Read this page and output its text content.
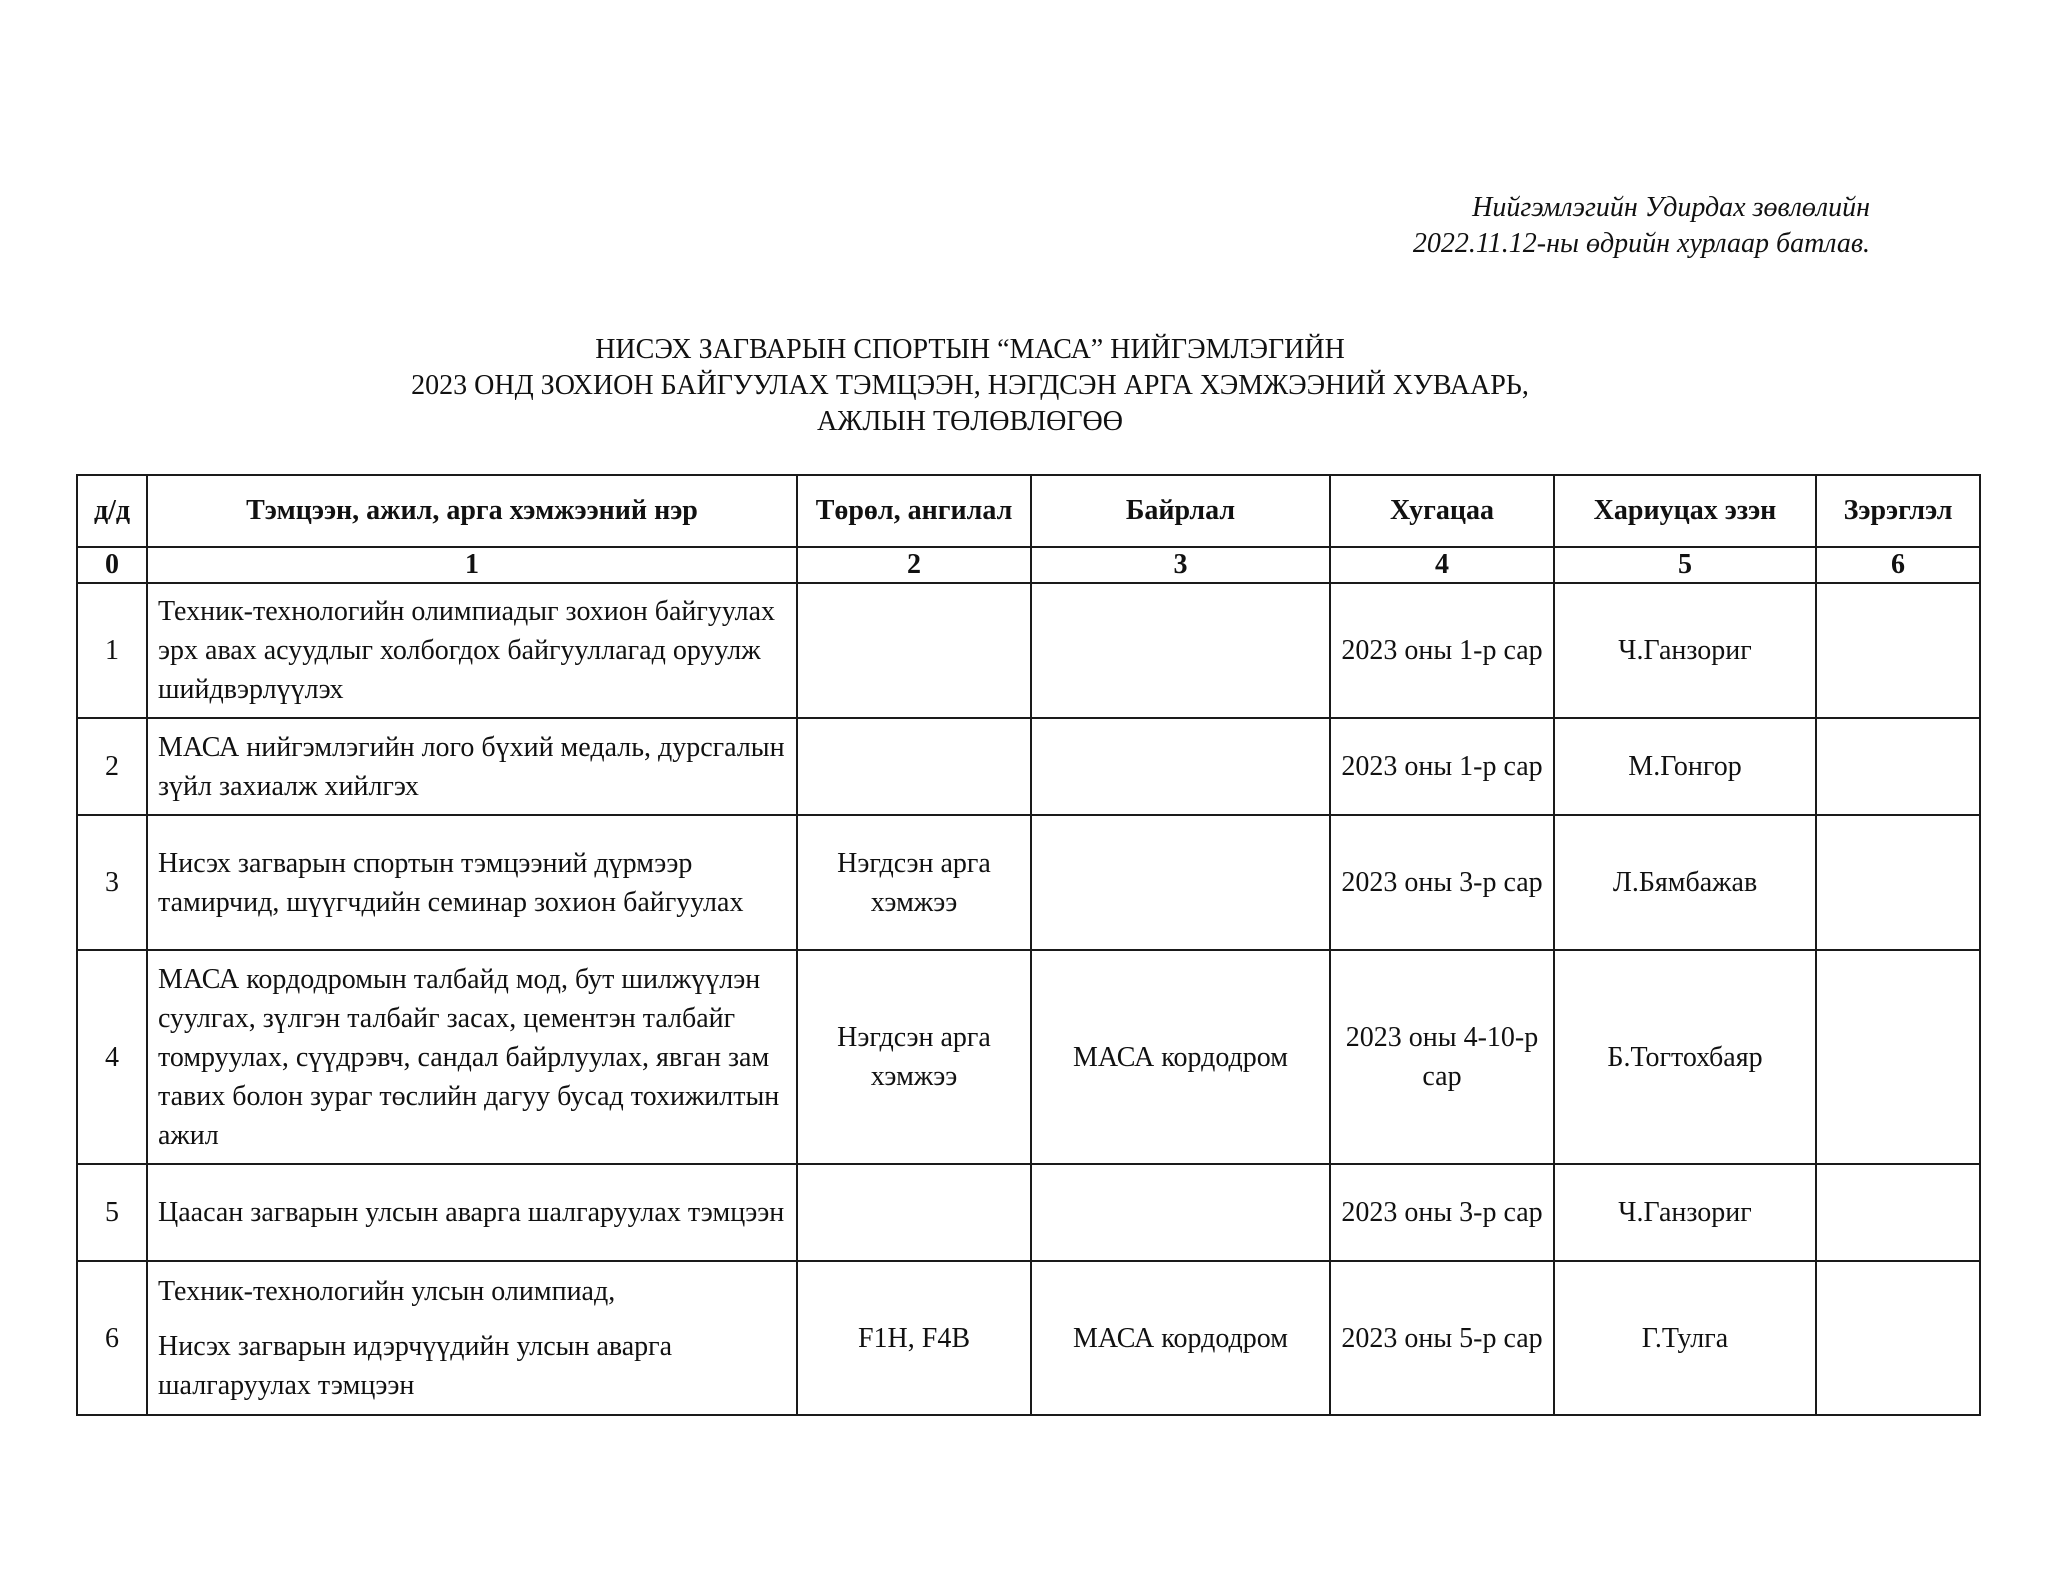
Нийгэмлэгийн Удирдах зөвлөлийн
2022.11.12-ны өдрийн хурлаар батлав.
НИСЭХ ЗАГВАРЫН СПОРТЫН “МАСА” НИЙГЭМЛЭГИЙН
2023 ОНД ЗОХИОН БАЙГУУЛАХ ТЭМЦЭЭН, НЭГДСЭН АРГА ХЭМЖЭЭНИЙ ХУВААРЬ,
АЖЛЫН ТӨЛӨВЛӨГӨӨ
д/д	Тэмцээн, ажил, арга хэмжээний нэр	Төрөл, ангилал	Байрлал	Хугацаа	Хариуцах эзэн	Зэрэглэл
0	1	2	3	4	5	6
1	Техник-технологийн олимпиадыг зохион байгуулах эрх авах асуудлыг холбогдох байгууллагад оруулж шийдвэрлүүлэх			2023 оны 1-р сар	Ч.Ганзориг	
2	МАСА нийгэмлэгийн лого бүхий медаль, дурсгалын зүйл захиалж хийлгэх			2023 оны 1-р сар	М.Гонгор	
3	Нисэх загварын спортын тэмцээний дүрмээр тамирчид, шүүгчдийн семинар зохион байгуулах	Нэгдсэн арга хэмжээ		2023 оны 3-р сар	Л.Бямбажав	
4	МАСА кордодромын талбайд мод, бут шилжүүлэн суулгах, зүлгэн талбайг засах, цементэн талбайг томруулах, сүүдрэвч, сандал байрлуулах, явган зам тавих болон зураг төслийн дагуу бусад тохижилтын ажил	Нэгдсэн арга хэмжээ	МАСА кордодром	2023 оны 4-10-р сар	Б.Тогтохбаяр	
5	Цаасан загварын улсын аварга шалгаруулах тэмцээн			2023 оны 3-р сар	Ч.Ганзориг	
6	Техник-технологийн улсын олимпиад,

Нисэх загварын идэрчүүдийн улсын аварга шалгаруулах тэмцээн	F1H, F4B	МАСА кордодром	2023 оны 5-р сар	Г.Тулга	
